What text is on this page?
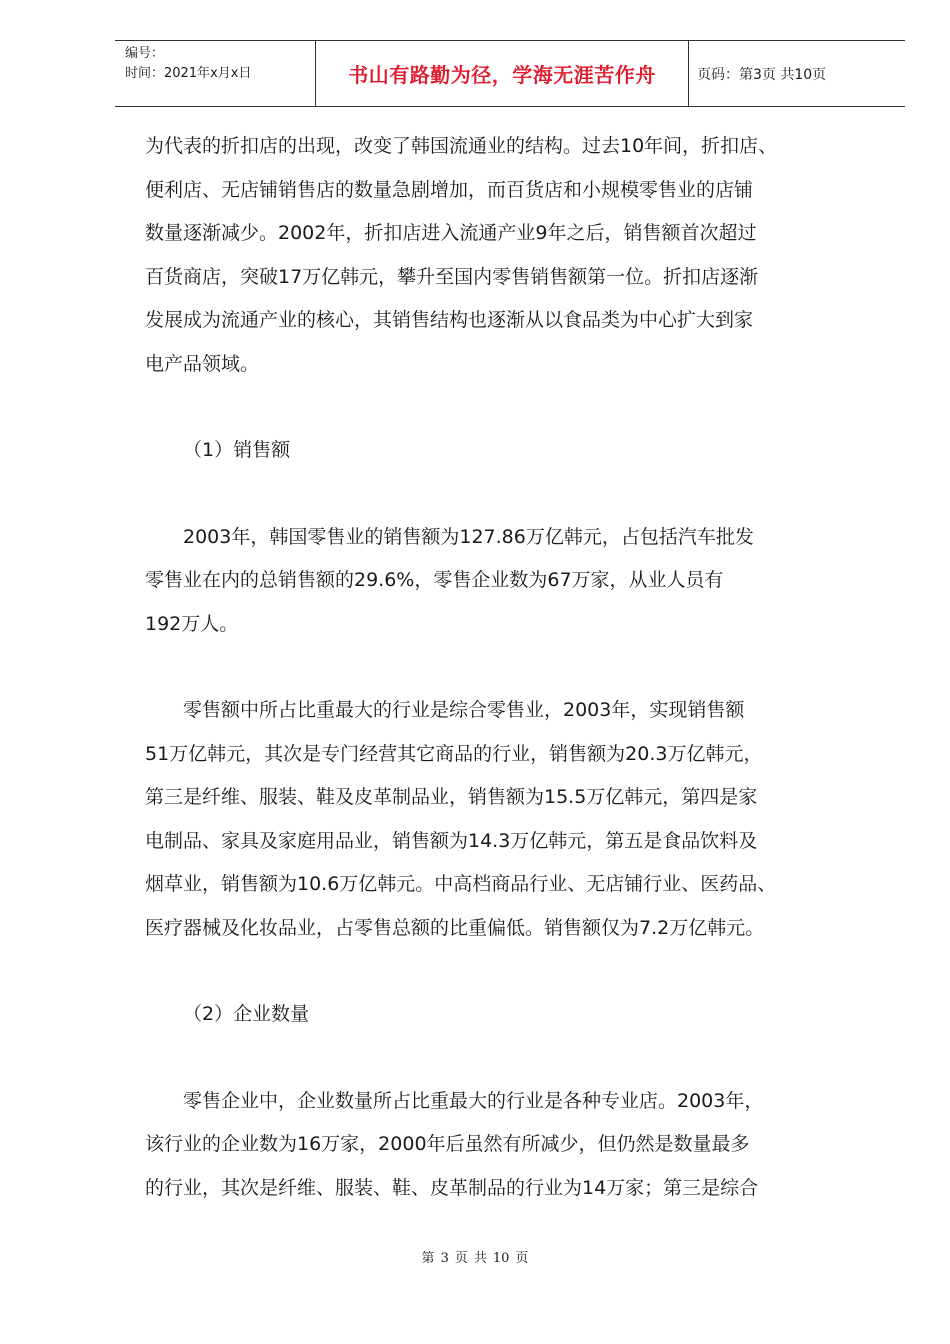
编号：
时间：2021年x月x日	书山有路勤为径，学海无涯苦作舟	页码：第3页 共10页

为代表的折扣店的出现，改变了韩国流通业的结构。过去10年间，折扣店、
便利店、无店铺销售店的数量急剧增加，而百货店和小规模零售业的店铺
数量逐渐减少。2002年，折扣店进入流通产业9年之后，销售额首次超过
百货商店，突破17万亿韩元，攀升至国内零售销售额第一位。折扣店逐渐
发展成为流通产业的核心，其销售结构也逐渐从以食品类为中心扩大到家
电产品领域。

（1）销售额

2003年，韩国零售业的销售额为127.86万亿韩元，占包括汽车批发
零售业在内的总销售额的29.6%，零售企业数为67万家，从业人员有
192万人。

零售额中所占比重最大的行业是综合零售业，2003年，实现销售额
51万亿韩元，其次是专门经营其它商品的行业，销售额为20.3万亿韩元，
第三是纤维、服装、鞋及皮革制品业，销售额为15.5万亿韩元，第四是家
电制品、家具及家庭用品业，销售额为14.3万亿韩元，第五是食品饮料及
烟草业，销售额为10.6万亿韩元。中高档商品行业、无店铺行业、医药品、
医疗器械及化妆品业，占零售总额的比重偏低。销售额仅为7.2万亿韩元。

（2）企业数量

零售企业中，企业数量所占比重最大的行业是各种专业店。2003年，
该行业的企业数为16万家，2000年后虽然有所减少，但仍然是数量最多
的行业，其次是纤维、服装、鞋、皮革制品的行业为14万家；第三是综合

第 3 页 共 10 页
